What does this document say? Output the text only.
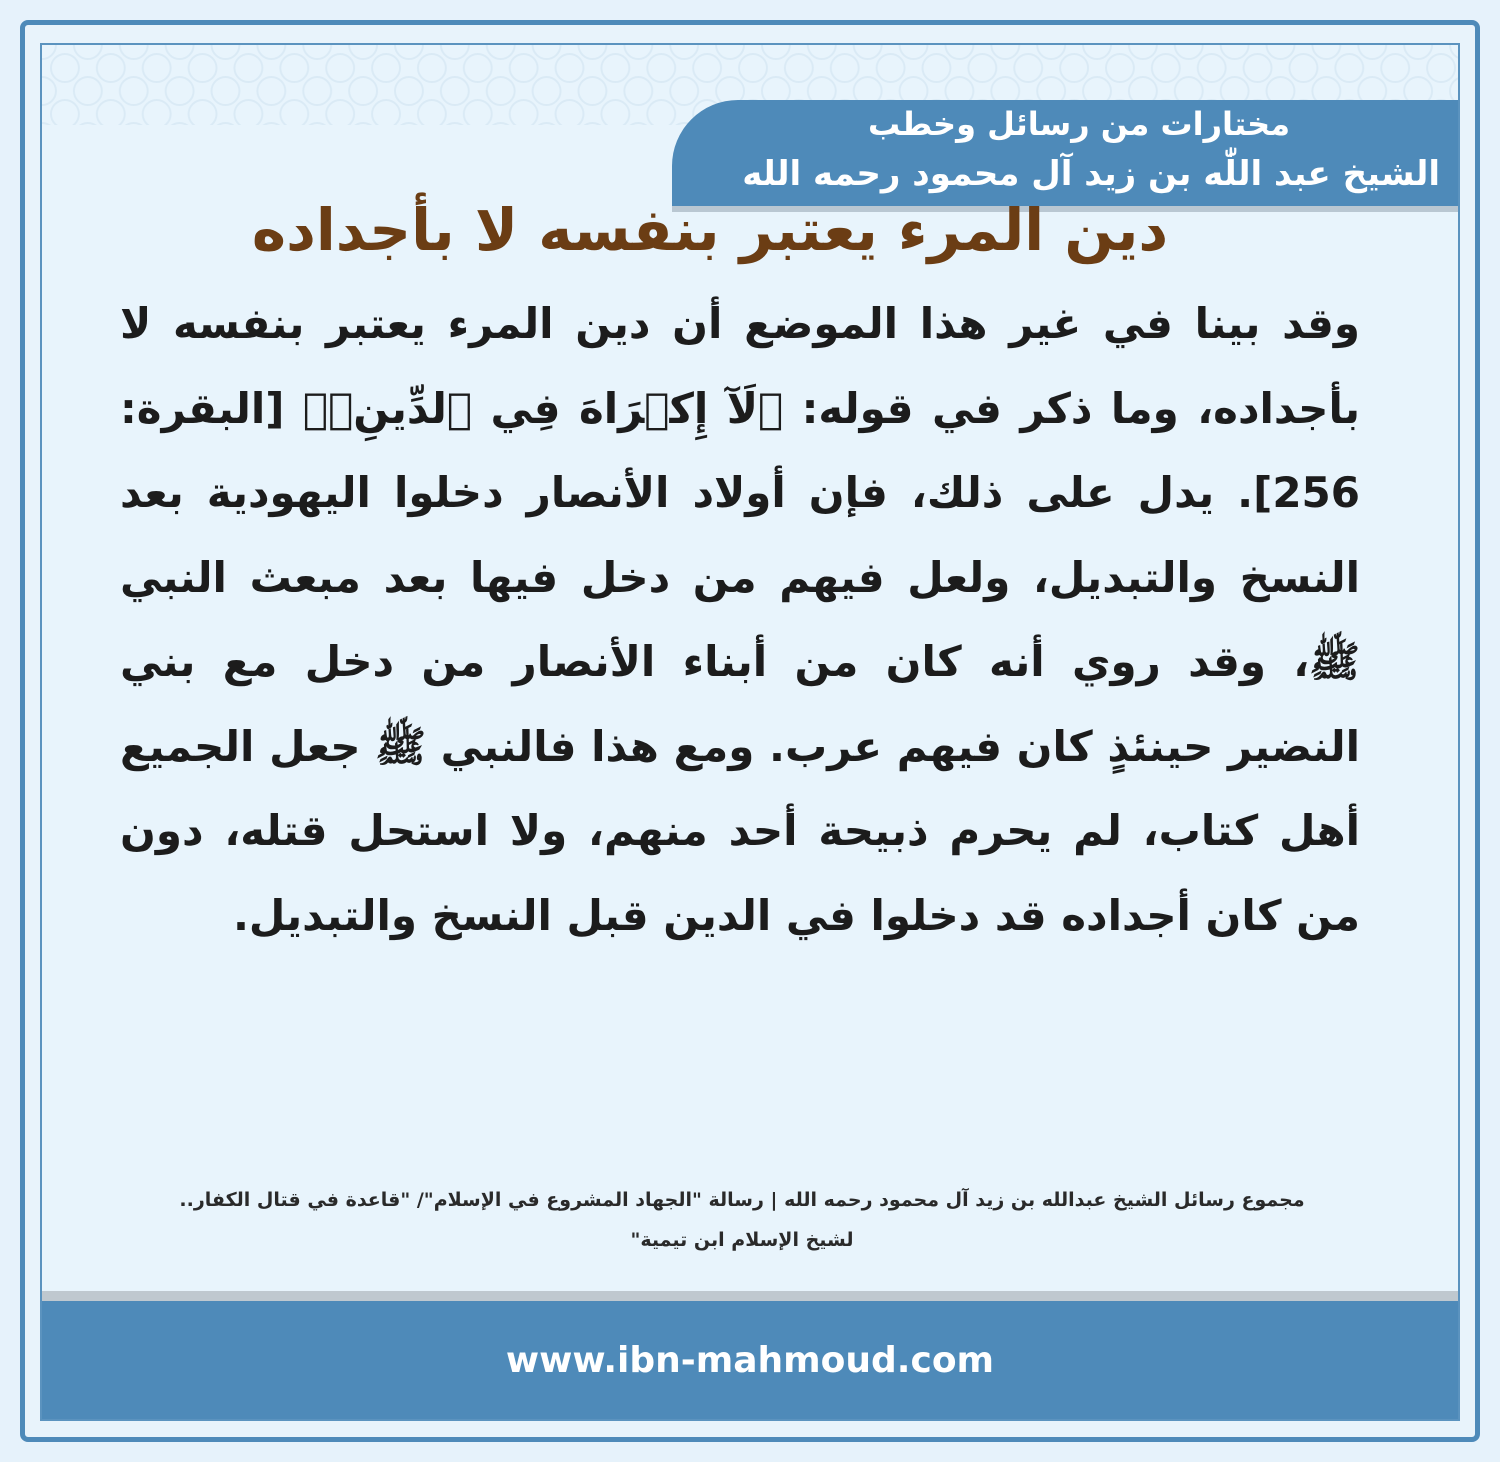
مختارات من رسائل وخطب
الشيخ عبد اللّٰه بن زيد آل محمود رحمه الله
مجموع رسائل الشيخ عبدالله بن زيد آل محمود رحمه الله | رسالة "الجهاد المشروع في الإسلام"/ "قاعدة في قتال الكفار..
لشيخ الإسلام ابن تيمية"
www.ibn-mahmoud.com
دين المرء يعتبر بنفسه لا بأجداده
وقد بينا في غير هذا الموضع أن دين المرء يعتبر بنفسه لا بأجداده، وما ذكر في قوله: ﴿لَآ إِكۡرَاهَ فِي ٱلدِّينِۖ﴾ [البقرة: 256]. يدل على ذلك، فإن أولاد الأنصار دخلوا اليهودية بعد النسخ والتبديل، ولعل فيهم من دخل فيها بعد مبعث النبي ﷺ، وقد روي أنه كان من أبناء الأنصار من دخل مع بني النضير حينئذٍ كان فيهم عرب. ومع هذا فالنبي ﷺ جعل الجميع أهل كتاب، لم يحرم ذبيحة أحد منهم، ولا استحل قتله، دون من كان أجداده قد دخلوا في الدين قبل النسخ والتبديل.
